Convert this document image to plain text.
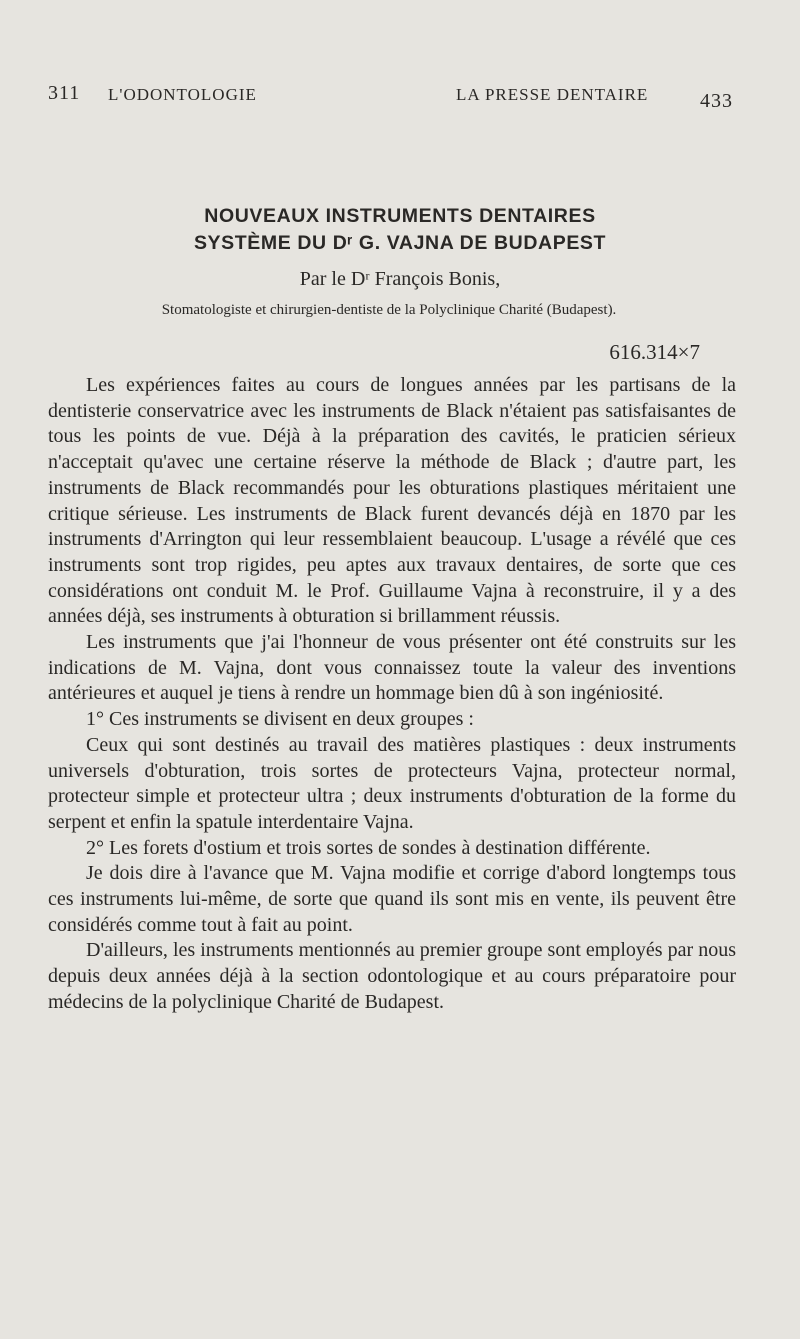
311 L'ODONTOLOGIE	LA PRESSE DENTAIRE	433
NOUVEAUX INSTRUMENTS DENTAIRES
SYSTÈME DU Dʳ G. VAJNA DE BUDAPEST
Par le Dʳ François Bonis,
Stomatologiste et chirurgien-dentiste de la Polyclinique Charité (Budapest).
616.314×7

Les expériences faites au cours de longues années par les partisans de la dentisterie conservatrice avec les instruments de Black n'étaient pas satisfaisantes de tous les points de vue. Déjà à la préparation des cavités, le praticien sérieux n'acceptait qu'avec une certaine réserve la méthode de Black ; d'autre part, les instruments de Black recommandés pour les obturations plastiques méritaient une critique sérieuse. Les instruments de Black furent devancés déjà en 1870 par les instruments d'Arrington qui leur ressemblaient beaucoup. L'usage a révélé que ces instruments sont trop rigides, peu aptes aux travaux dentaires, de sorte que ces considérations ont conduit M. le Prof. Guillaume Vajna à reconstruire, il y a des années déjà, ses instruments à obturation si brillamment réussis.

Les instruments que j'ai l'honneur de vous présenter ont été construits sur les indications de M. Vajna, dont vous connaissez toute la valeur des inventions antérieures et auquel je tiens à rendre un hommage bien dû à son ingéniosité.

1° Ces instruments se divisent en deux groupes :

Ceux qui sont destinés au travail des matières plastiques : deux instruments universels d'obturation, trois sortes de protecteurs Vajna, protecteur normal, protecteur simple et protecteur ultra ; deux instruments d'obturation de la forme du serpent et enfin la spatule interdentaire Vajna.

2° Les forets d'ostium et trois sortes de sondes à destination différente.

Je dois dire à l'avance que M. Vajna modifie et corrige d'abord longtemps tous ces instruments lui-même, de sorte que quand ils sont mis en vente, ils peuvent être considérés comme tout à fait au point.

D'ailleurs, les instruments mentionnés au premier groupe sont employés par nous depuis deux années déjà à la section odontologique et au cours préparatoire pour médecins de la polyclinique Charité de Budapest.
